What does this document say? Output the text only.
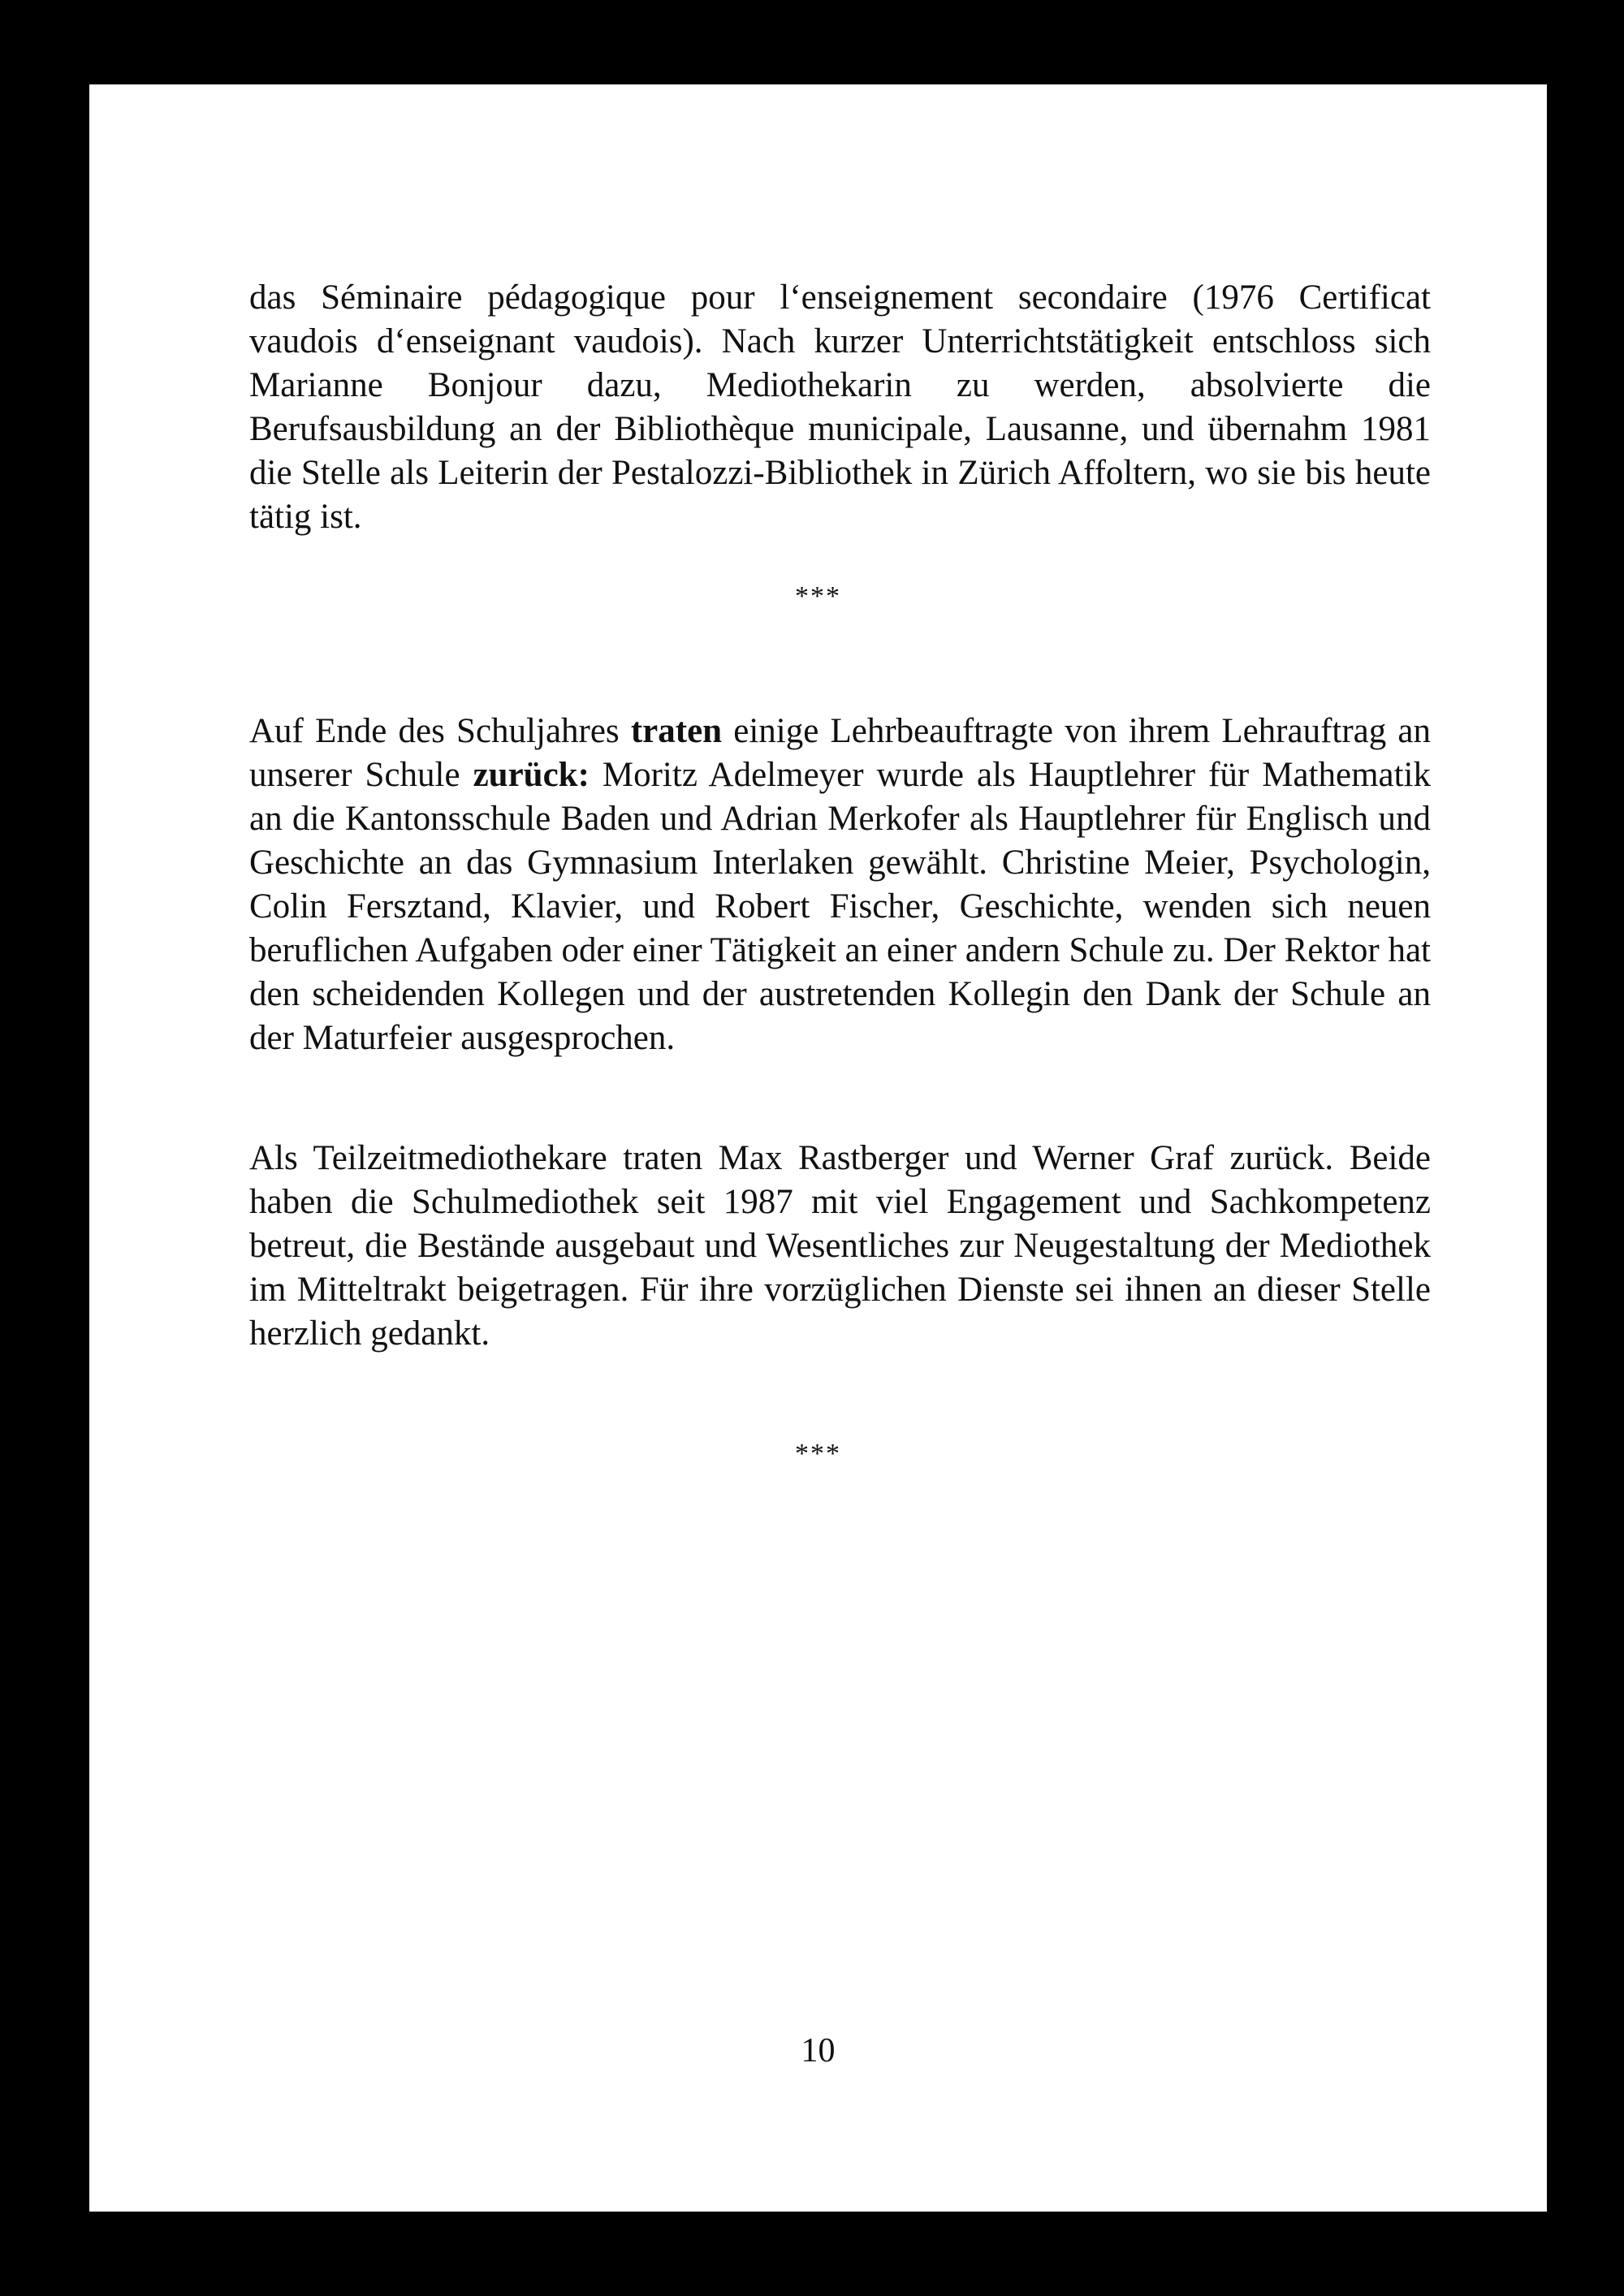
das Séminaire pédagogique pour l‘enseignement secondaire (1976 Certificat vaudois d‘enseignant vaudois). Nach kurzer Unterrichtstätigkeit entschloss sich Marianne Bonjour dazu, Mediothekarin zu werden, absolvierte die Berufsausbildung an der Bibliothèque municipale, Lausanne, und übernahm 1981 die Stelle als Leiterin der Pestalozzi-Bibliothek in Zürich Affoltern, wo sie bis heute tätig ist.

***

Auf Ende des Schuljahres traten einige Lehrbeauftragte von ihrem Lehrauftrag an unserer Schule zurück: Moritz Adelmeyer wurde als Hauptlehrer für Mathematik an die Kantonsschule Baden und Adrian Merkofer als Hauptlehrer für Englisch und Geschichte an das Gymnasium Interlaken gewählt. Christine Meier, Psychologin, Colin Fersztand, Klavier, und Robert Fischer, Geschichte, wenden sich neuen beruflichen Aufgaben oder einer Tätigkeit an einer andern Schule zu. Der Rektor hat den scheidenden Kollegen und der austretenden Kollegin den Dank der Schule an der Maturfeier ausgesprochen.

Als Teilzeitmediothekare traten Max Rastberger und Werner Graf zurück. Beide haben die Schulmediothek seit 1987 mit viel Engagement und Sachkompetenz betreut, die Bestände ausgebaut und Wesentliches zur Neugestaltung der Mediothek im Mitteltrakt beigetragen. Für ihre vorzüglichen Dienste sei ihnen an dieser Stelle herzlich gedankt.

***
10
